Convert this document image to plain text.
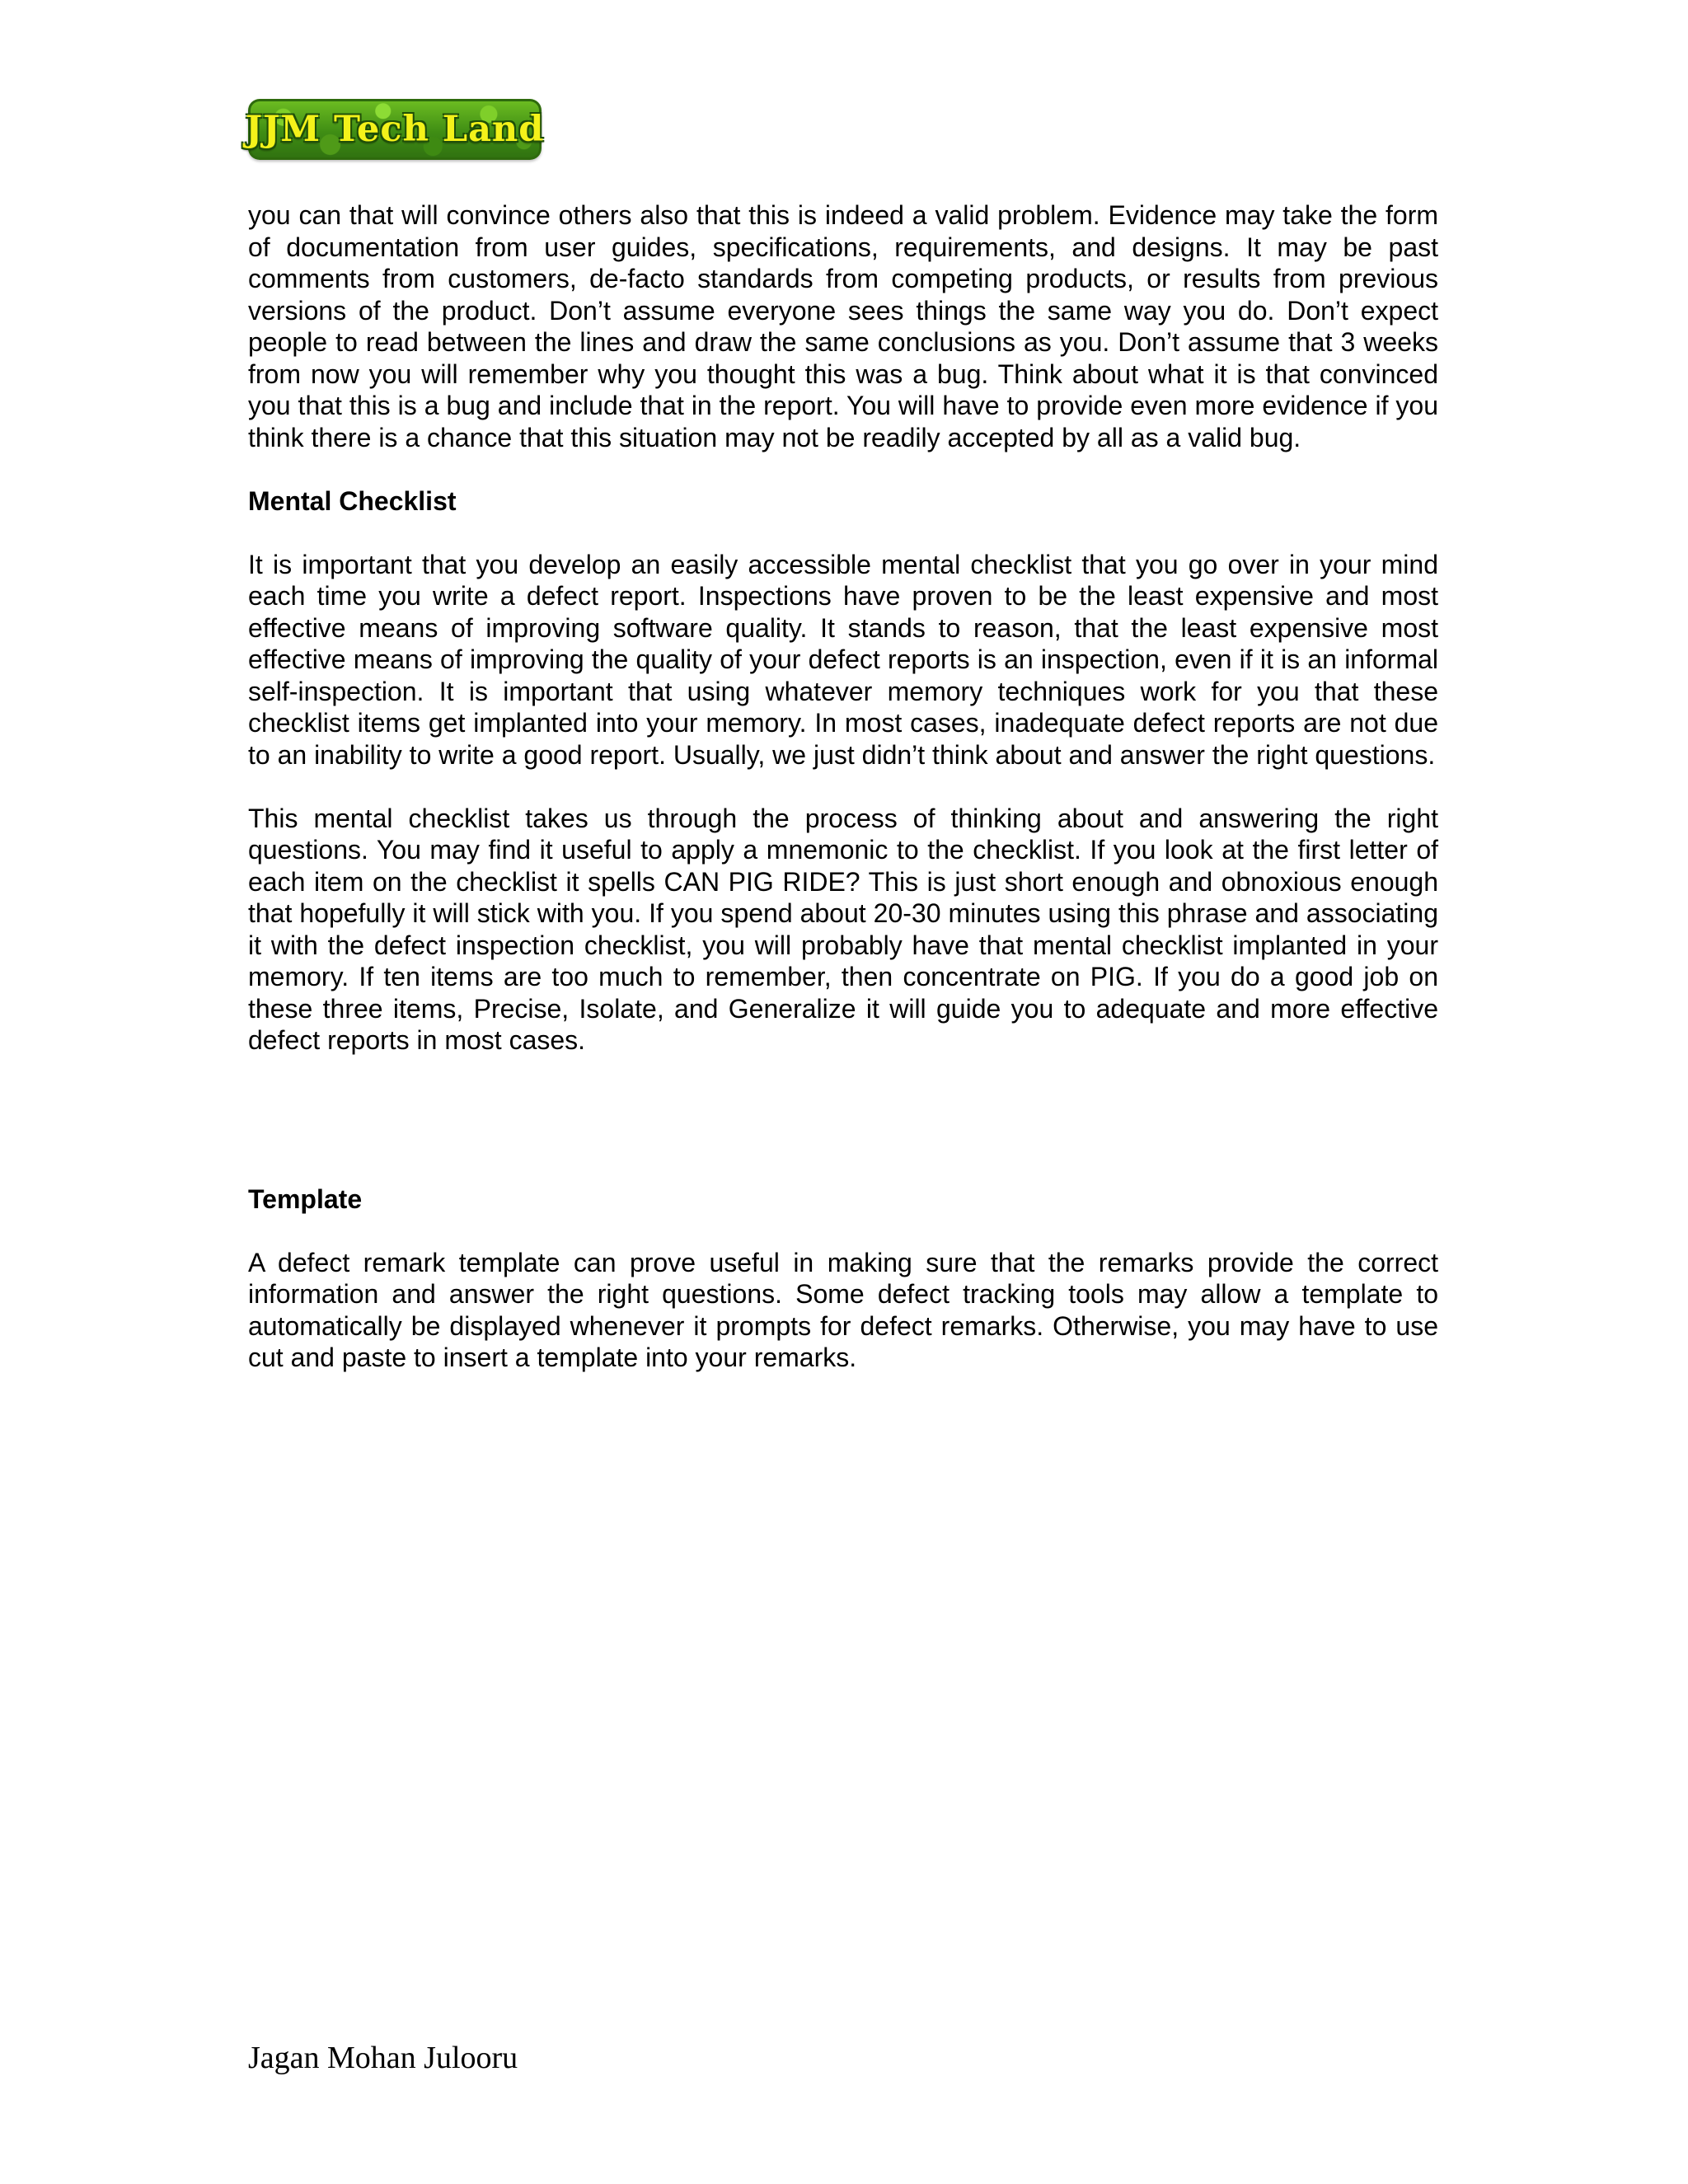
JJM Tech Land

you can that will convince others also that this is indeed a valid problem. Evidence may take the form of documentation from user guides, specifications, requirements, and designs. It may be past comments from customers, de-facto standards from competing products, or results from previous versions of the product. Don’t assume everyone sees things the same way you do. Don’t expect people to read between the lines and draw the same conclusions as you. Don’t assume that 3 weeks from now you will remember why you thought this was a bug. Think about what it is that convinced you that this is a bug and include that in the report. You will have to provide even more evidence if you think there is a chance that this situation may not be readily accepted by all as a valid bug.

Mental Checklist

It is important that you develop an easily accessible mental checklist that you go over in your mind each time you write a defect report. Inspections have proven to be the least expensive and most effective means of improving software quality. It stands to reason, that the least expensive most effective means of improving the quality of your defect reports is an inspection, even if it is an informal self-inspection. It is important that using whatever memory techniques work for you that these checklist items get implanted into your memory. In most cases, inadequate defect reports are not due to an inability to write a good report. Usually, we just didn’t think about and answer the right questions.

This mental checklist takes us through the process of thinking about and answering the right questions. You may find it useful to apply a mnemonic to the checklist. If you look at the first letter of each item on the checklist it spells CAN PIG RIDE? This is just short enough and obnoxious enough that hopefully it will stick with you. If you spend about 20-30 minutes using this phrase and associating it with the defect inspection checklist, you will probably have that mental checklist implanted in your memory. If ten items are too much to remember, then concentrate on PIG. If you do a good job on these three items, Precise, Isolate, and Generalize it will guide you to adequate and more effective defect reports in most cases.

Template

A defect remark template can prove useful in making sure that the remarks provide the correct information and answer the right questions. Some defect tracking tools may allow a template to automatically be displayed whenever it prompts for defect remarks. Otherwise, you may have to use cut and paste to insert a template into your remarks.

Jagan Mohan Julooru
